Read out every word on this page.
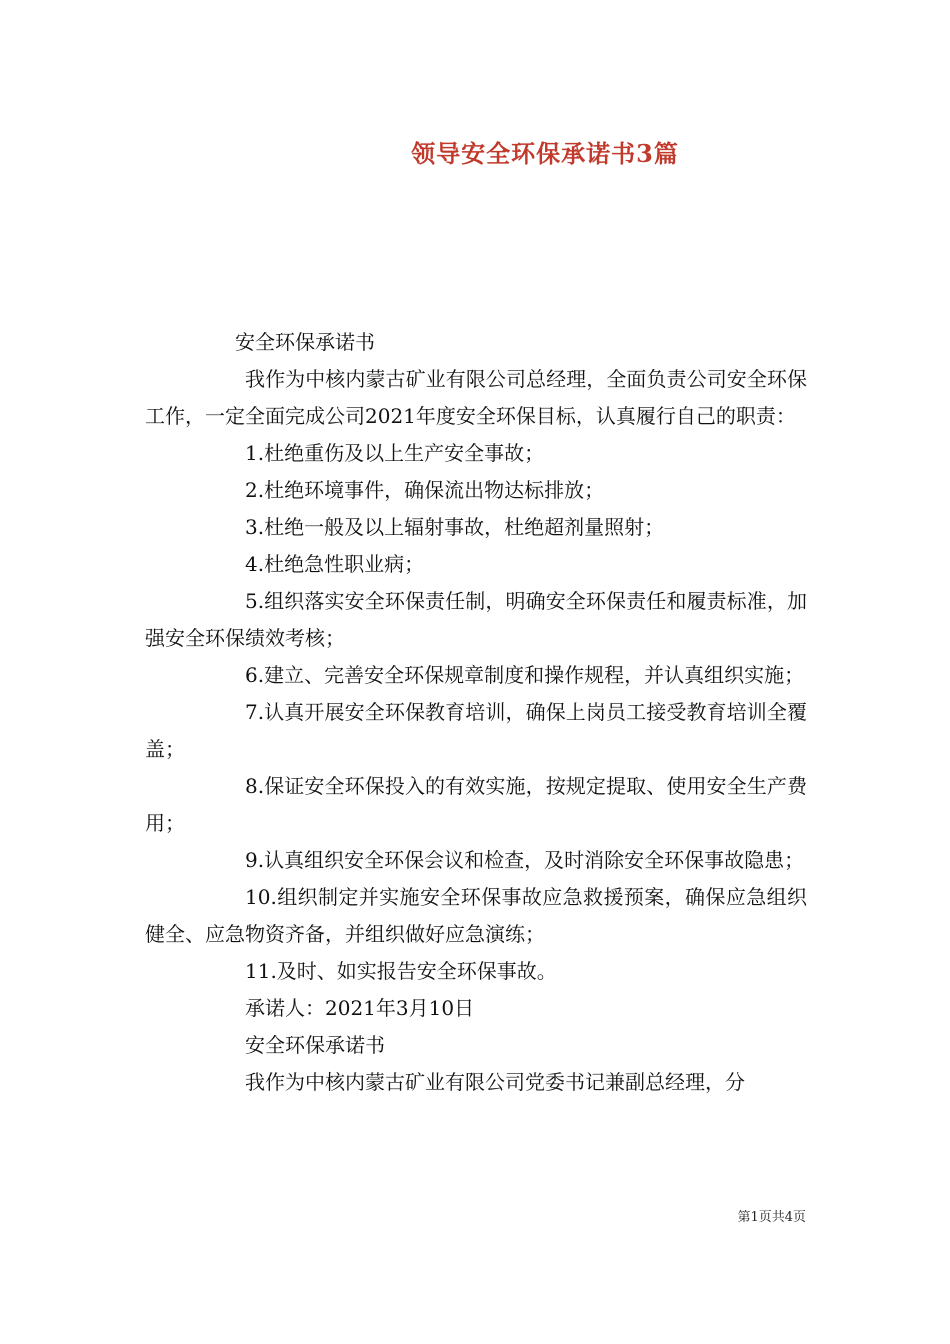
领导安全环保承诺书3篇

安全环保承诺书

我作为中核内蒙古矿业有限公司总经理，全面负责公司安全环保工作，一定全面完成公司2021年度安全环保目标，认真履行自己的职责：

1.杜绝重伤及以上生产安全事故；

2.杜绝环境事件，确保流出物达标排放；

3.杜绝一般及以上辐射事故，杜绝超剂量照射；

4.杜绝急性职业病；

5.组织落实安全环保责任制，明确安全环保责任和履责标准，加强安全环保绩效考核；

6.建立、完善安全环保规章制度和操作规程，并认真组织实施；

7.认真开展安全环保教育培训，确保上岗员工接受教育培训全覆盖；

8.保证安全环保投入的有效实施，按规定提取、使用安全生产费用；

9.认真组织安全环保会议和检查，及时消除安全环保事故隐患；

10.组织制定并实施安全环保事故应急救援预案，确保应急组织健全、应急物资齐备，并组织做好应急演练；

11.及时、如实报告安全环保事故。

承诺人：2021年3月10日

安全环保承诺书

我作为中核内蒙古矿业有限公司党委书记兼副总经理，分

第1页共4页
